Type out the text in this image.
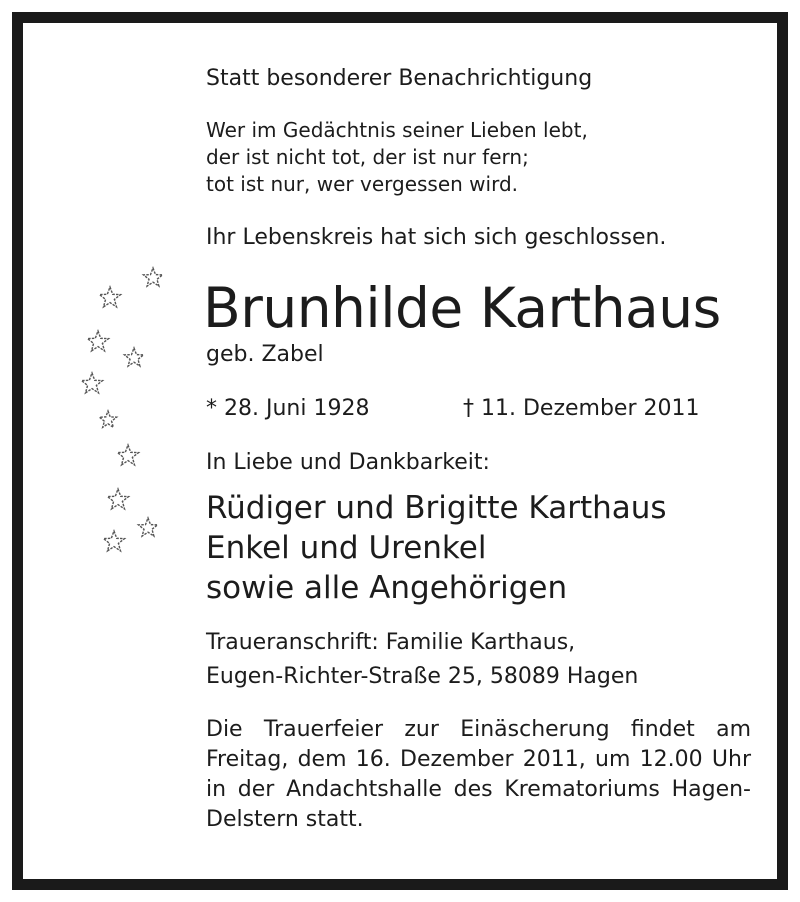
Statt besonderer Benachrichtigung

Wer im Gedächtnis seiner Lieben lebt,

der ist nicht tot, der ist nur fern;

tot ist nur, wer vergessen wird.

Ihr Lebenskreis hat sich sich geschlossen.

Brunhilde Karthaus

geb. Zabel

* 28. Juni 1928	† 11. Dezember 2011

In Liebe und Dankbarkeit:

Rüdiger und Brigitte Karthaus

Enkel und Urenkel

sowie alle Angehörigen

Traueranschrift: Familie Karthaus,

Eugen-Richter-Straße 25, 58089 Hagen

Die Trauerfeier zur Einäscherung findet am Freitag, dem 16. Dezember 2011, um 12.00 Uhr in der Andachtshalle des Krematoriums Hagen-Delstern statt.
